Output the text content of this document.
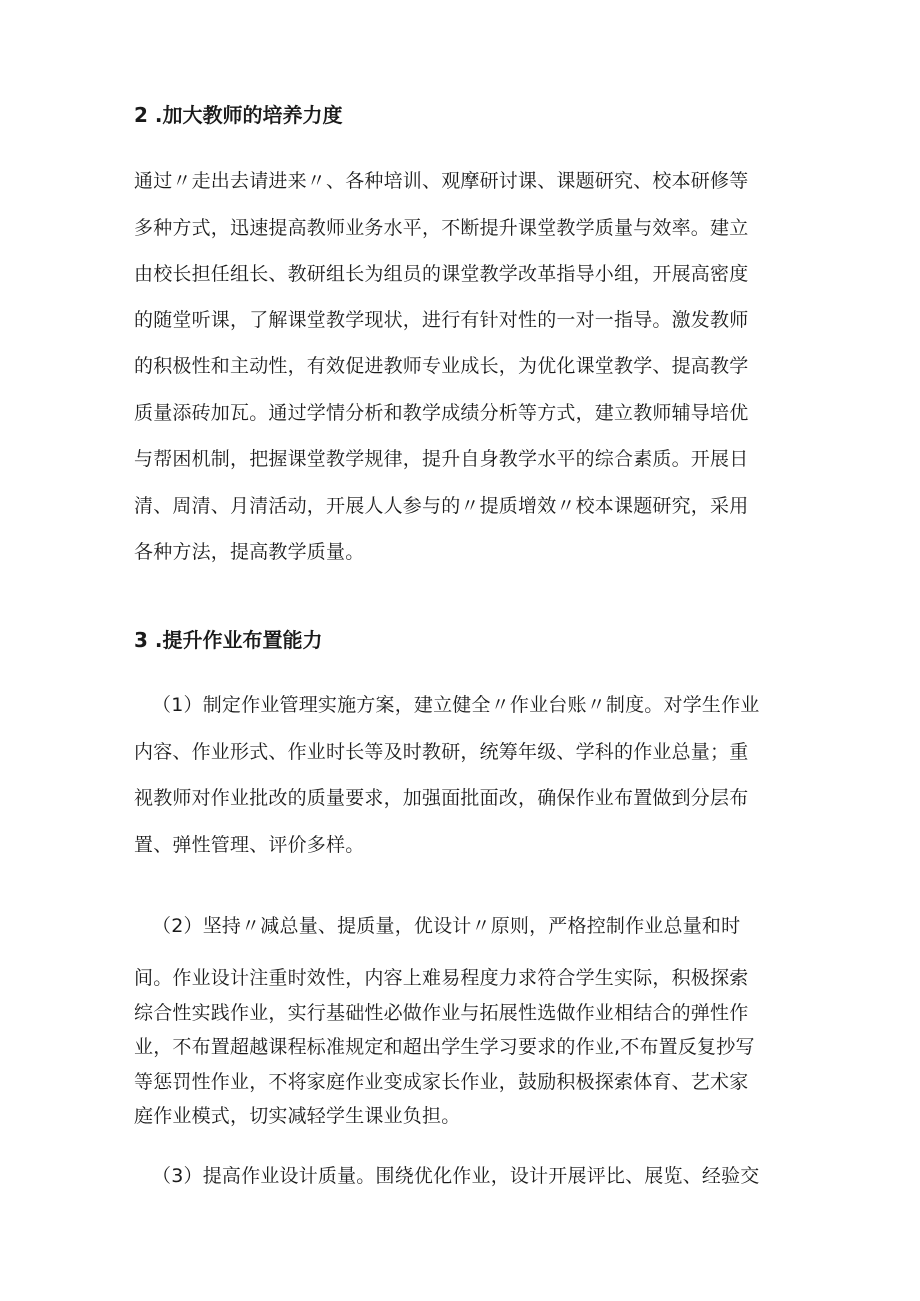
2 .加大教师的培养力度
通过〃走出去请进来〃、各种培训、观摩研讨课、课题研究、校本研修等
多种方式，迅速提高教师业务水平，不断提升课堂教学质量与效率。建立
由校长担任组长、教研组长为组员的课堂教学改革指导小组，开展高密度
的随堂听课，了解课堂教学现状，进行有针对性的一对一指导。激发教师
的积极性和主动性，有效促进教师专业成长，为优化课堂教学、提高教学
质量添砖加瓦。通过学情分析和教学成绩分析等方式，建立教师辅导培优
与帮困机制，把握课堂教学规律，提升自身教学水平的综合素质。开展日
清、周清、月清活动，开展人人参与的〃提质增效〃校本课题研究，采用
各种方法，提高教学质量。
3 .提升作业布置能力
（1）制定作业管理实施方案，建立健全〃作业台账〃制度。对学生作业
内容、作业形式、作业时长等及时教研，统筹年级、学科的作业总量；重
视教师对作业批改的质量要求，加强面批面改，确保作业布置做到分层布
置、弹性管理、评价多样。
（2）坚持〃减总量、提质量，优设计〃原则，严格控制作业总量和时
间。作业设计注重时效性，内容上难易程度力求符合学生实际，积极探索
综合性实践作业，实行基础性必做作业与拓展性选做作业相结合的弹性作
业，不布置超越课程标准规定和超出学生学习要求的作业,不布置反复抄写
等惩罚性作业，不将家庭作业变成家长作业，鼓励积极探索体育、艺术家
庭作业模式，切实减轻学生课业负担。
（3）提高作业设计质量。围绕优化作业，设计开展评比、展览、经验交
